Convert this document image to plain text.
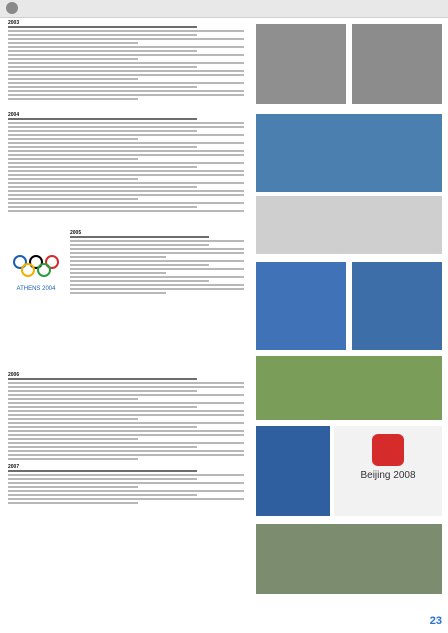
2003
Beijing 2008
ATHENS 2004
2004
2005
2006
2007
23
